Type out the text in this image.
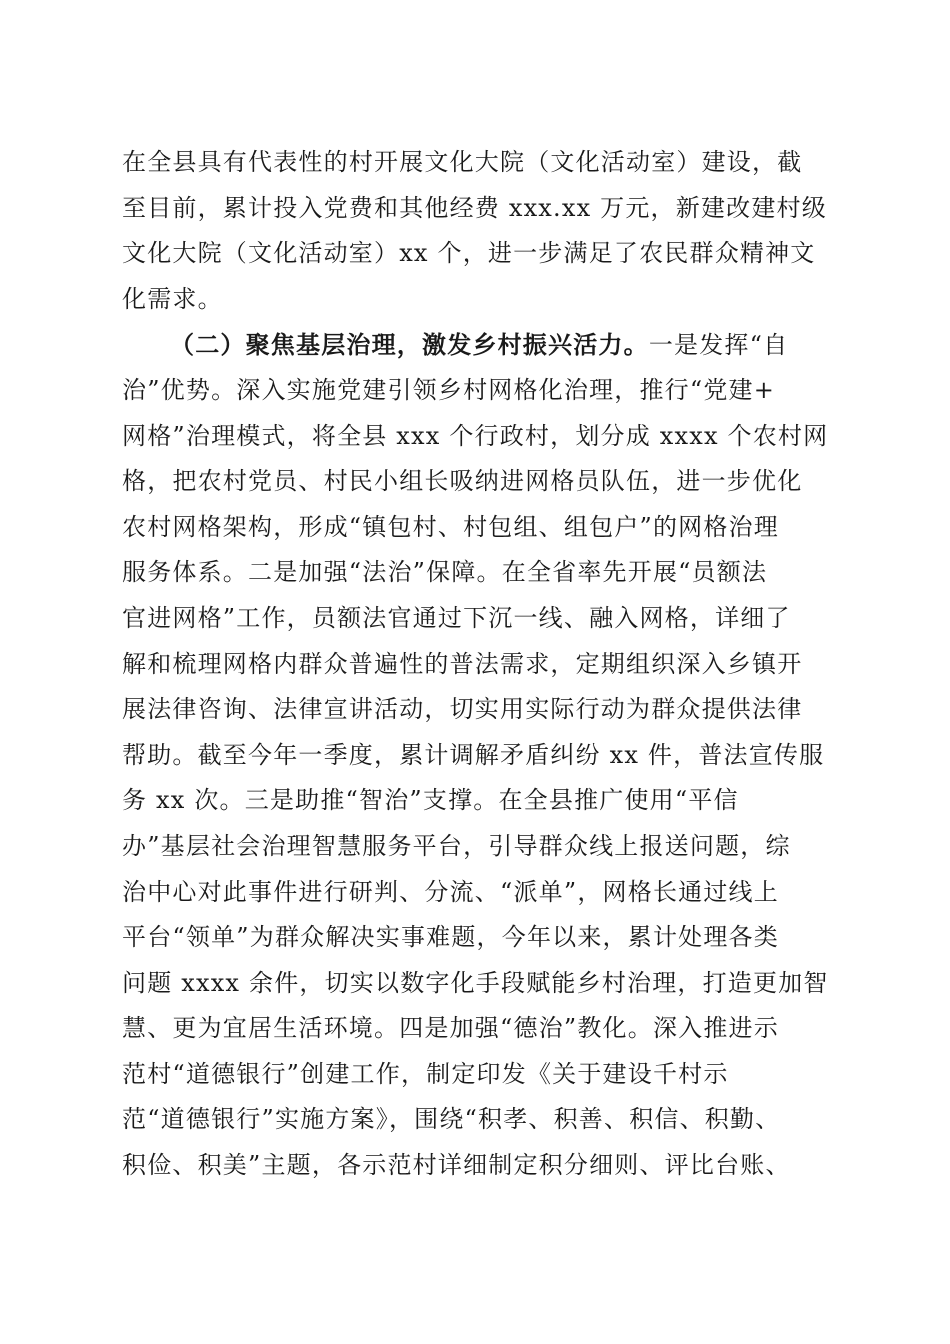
在全县具有代表性的村开展文化大院（文化活动室）建设，截
至目前，累计投入党费和其他经费 xxx.xx 万元，新建改建村级
文化大院（文化活动室）xx 个，进一步满足了农民群众精神文
化需求。
（二）聚焦基层治理，激发乡村振兴活力。一是发挥“自
治”优势。深入实施党建引领乡村网格化治理，推行“党建+
网格”治理模式，将全县 xxx 个行政村，划分成 xxxx 个农村网
格，把农村党员、村民小组长吸纳进网格员队伍，进一步优化
农村网格架构，形成“镇包村、村包组、组包户”的网格治理
服务体系。二是加强“法治”保障。在全省率先开展“员额法
官进网格”工作，员额法官通过下沉一线、融入网格，详细了
解和梳理网格内群众普遍性的普法需求，定期组织深入乡镇开
展法律咨询、法律宣讲活动，切实用实际行动为群众提供法律
帮助。截至今年一季度，累计调解矛盾纠纷 xx 件，普法宣传服
务 xx 次。三是助推“智治”支撑。在全县推广使用“平信
办”基层社会治理智慧服务平台，引导群众线上报送问题，综
治中心对此事件进行研判、分流、“派单”，网格长通过线上
平台“领单”为群众解决实事难题，今年以来，累计处理各类
问题 xxxx 余件，切实以数字化手段赋能乡村治理，打造更加智
慧、更为宜居生活环境。四是加强“德治”教化。深入推进示
范村“道德银行”创建工作，制定印发《关于建设千村示
范“道德银行”实施方案》，围绕“积孝、积善、积信、积勤、
积俭、积美”主题，各示范村详细制定积分细则、评比台账、
